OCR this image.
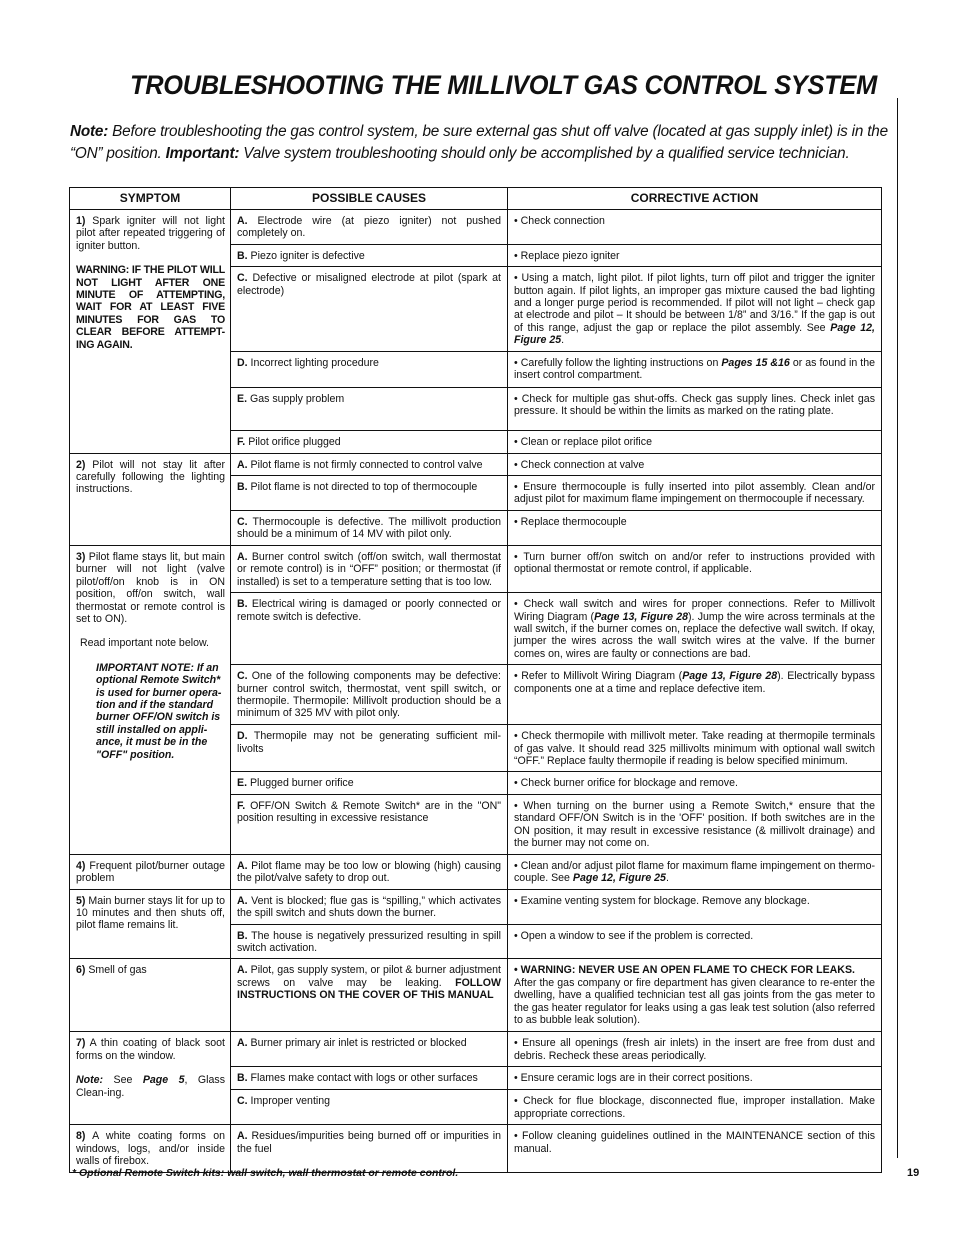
TROUBLESHOOTING THE MILLIVOLT GAS CONTROL SYSTEM

Note: Before troubleshooting the gas control system, be sure external gas shut off valve (located at gas supply inlet) is in the “ON” position. Important: Valve system troubleshooting should only be accomplished by a qualified service technician.

SYMPTOM	POSSIBLE CAUSES	CORRECTIVE ACTION
1) Spark igniter will not light pilot after repeated triggering of igniter button.
WARNING: IF THE PILOT WILL NOT LIGHT AFTER ONE MINUTE OF ATTEMPTING, WAIT FOR AT LEAST FIVE MINUTES FOR GAS TO CLEAR BEFORE ATTEMPT-ING AGAIN.	A. Electrode wire (at piezo igniter) not pushed completely on.	• Check connection
	B. Piezo igniter is defective	• Replace piezo igniter
	C. Defective or misaligned electrode at pilot (spark at electrode)	• Using a match, light pilot. If pilot lights, turn off pilot and trigger the igniter button again. If pilot lights, an improper gas mixture caused the bad lighting and a longer purge period is recommended. If pilot will not light – check gap at electrode and pilot – It should be between 1/8” and 3/16.” If the gap is out of this range, adjust the gap or replace the pilot assembly. See Page 12, Figure 25.
	D. Incorrect lighting procedure	• Carefully follow the lighting instructions on Pages 15 &16 or as found in the insert control compartment.
	E. Gas supply problem	• Check for multiple gas shut-offs. Check gas supply lines. Check inlet gas pressure. It should be within the limits as marked on the rating plate.
	F. Pilot orifice plugged	• Clean or replace pilot orifice
2) Pilot will not stay lit after carefully following the lighting instructions.	A. Pilot flame is not firmly connected to control valve	• Check connection at valve
	B. Pilot flame is not directed to top of thermocouple	• Ensure thermocouple is fully inserted into pilot assembly. Clean and/or adjust pilot for maximum flame impingement on thermocouple if necessary.
	C. Thermocouple is defective. The millivolt production should be a minimum of 14 MV with pilot only.	• Replace thermocouple
3) Pilot flame stays lit, but main burner will not light (valve pilot/off/on knob is in ON position, off/on switch, wall thermostat or remote control is set to ON).
Read important note below.
IMPORTANT NOTE: If an optional Remote Switch* is used for burner opera-tion and if the standard burner OFF/ON switch is still installed on appli-ance, it must be in the "OFF" position.	A. Burner control switch (off/on switch, wall thermostat or remote control) is in “OFF” position; or thermostat (if installed) is set to a temperature setting that is too low.	• Turn burner off/on switch on and/or refer to instructions provided with optional thermostat or remote control, if applicable.
	B. Electrical wiring is damaged or poorly connected or remote switch is defective.	• Check wall switch and wires for proper connections. Refer to Millivolt Wiring Diagram (Page 13, Figure 28). Jump the wire across terminals at the wall switch, if the burner comes on, replace the defective wall switch. If okay, jumper the wires across the wall switch wires at the valve. If the burner comes on, wires are faulty or connections are bad.
	C. One of the following components may be defective: burner control switch, thermostat, vent spill switch, or thermopile. Thermopile: Millivolt production should be a minimum of 325 MV with pilot only.	• Refer to Millivolt Wiring Diagram (Page 13, Figure 28). Electrically bypass components one at a time and replace defective item.
	D. Thermopile may not be generating sufficient mil-livolts	• Check thermopile with millivolt meter. Take reading at thermopile terminals of gas valve. It should read 325 millivolts minimum with optional wall switch “OFF.” Replace faulty thermopile if reading is below specified minimum.
	E. Plugged burner orifice	• Check burner orifice for blockage and remove.
	F. OFF/ON Switch & Remote Switch* are in the "ON" position resulting in excessive resistance	• When turning on the burner using a Remote Switch,* ensure that the standard OFF/ON Switch is in the 'OFF' position. If both switches are in the ON position, it may result in excessive resistance (& millivolt drainage) and the burner may not come on.
4) Frequent pilot/burner outage problem	A. Pilot flame may be too low or blowing (high) causing the pilot/valve safety to drop out.	• Clean and/or adjust pilot flame for maximum flame impingement on thermo-couple. See Page 12, Figure 25.
5) Main burner stays lit for up to 10 minutes and then shuts off, pilot flame remains lit.	A. Vent is blocked; flue gas is “spilling,” which activates the spill switch and shuts down the burner.	• Examine venting system for blockage. Remove any blockage.
	B. The house is negatively pressurized resulting in spill switch activation.	• Open a window to see if the problem is corrected.
6) Smell of gas	A. Pilot, gas supply system, or pilot & burner adjustment screws on valve may be leaking. FOLLOW INSTRUCTIONS ON THE COVER OF THIS MANUAL	• WARNING: NEVER USE AN OPEN FLAME TO CHECK FOR LEAKS.
After the gas company or fire department has given clearance to re-enter the dwelling, have a qualified technician test all gas joints from the gas meter to the gas heater regulator for leaks using a gas leak test solution (also referred to as bubble leak solution).
7) A thin coating of black soot forms on the window.
Note: See Page 5, Glass Clean-ing.	A. Burner primary air inlet is restricted or blocked	• Ensure all openings (fresh air inlets) in the insert are free from dust and debris. Recheck these areas periodically.
	B. Flames make contact with logs or other surfaces	• Ensure ceramic logs are in their correct positions.
	C. Improper venting	• Check for flue blockage, disconnected flue, improper installation. Make appropriate corrections.
8) A white coating forms on windows, logs, and/or inside walls of firebox.	A. Residues/impurities being burned off or impurities in the fuel	• Follow cleaning guidelines outlined in the MAINTENANCE section of this manual.

* Optional Remote Switch kits: wall switch, wall thermostat or remote control.	19
